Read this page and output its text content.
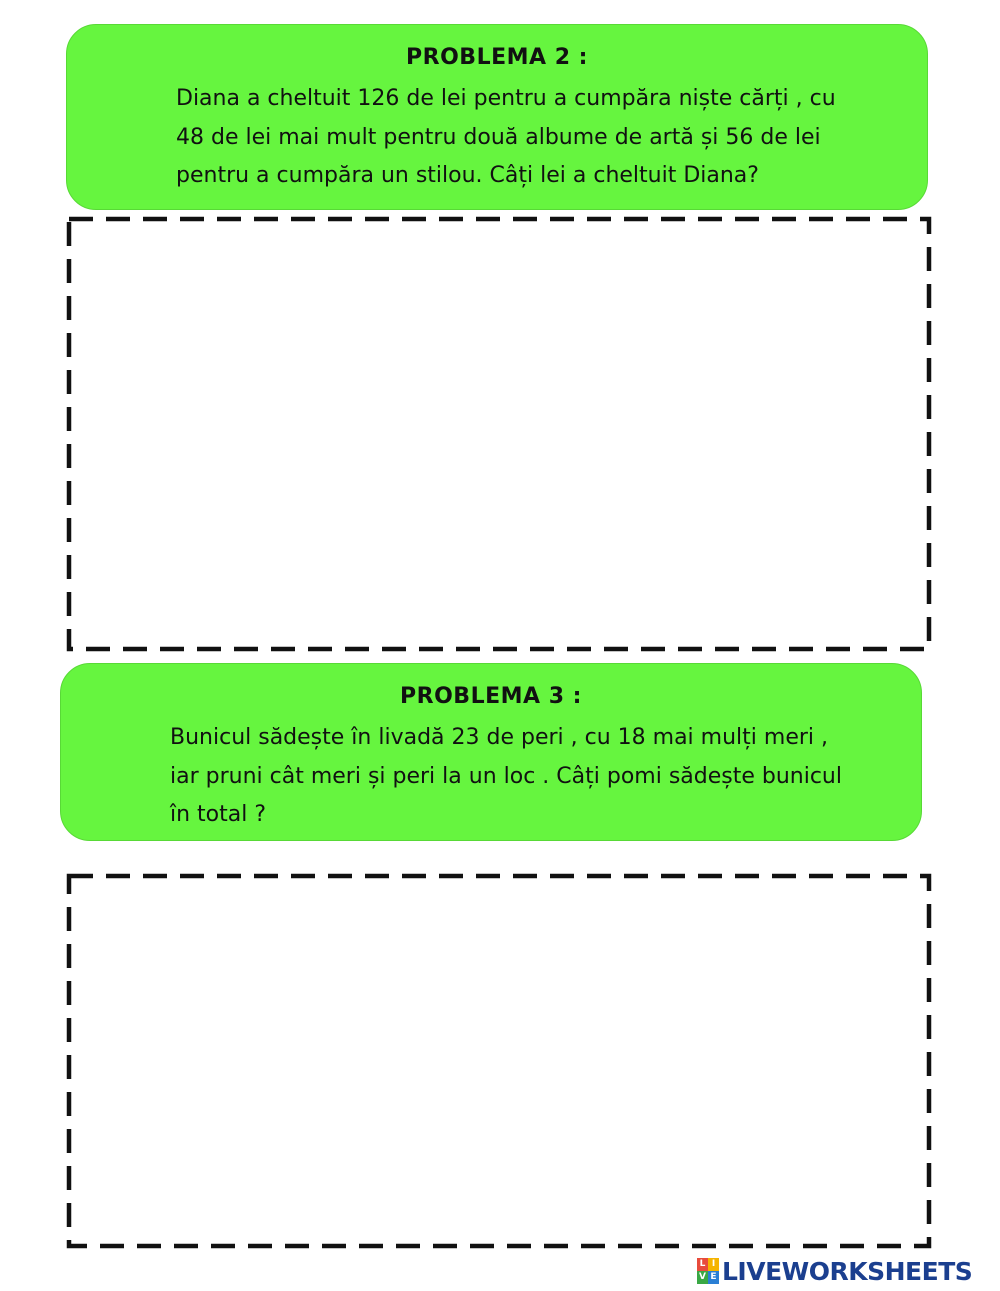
PROBLEMA 2 :

Diana a cheltuit 126 de lei pentru a cumpăra niște cărți , cu
48 de lei mai mult pentru două albume de artă și 56 de lei
pentru a cumpăra un stilou. Câți lei a cheltuit Diana?

PROBLEMA 3 :

Bunicul sădește în livadă 23 de peri , cu 18 mai mulți meri ,
iar pruni cât meri și peri la un loc . Câți pomi sădește bunicul
în total ?

L I
V E LIVEWORKSHEETS
